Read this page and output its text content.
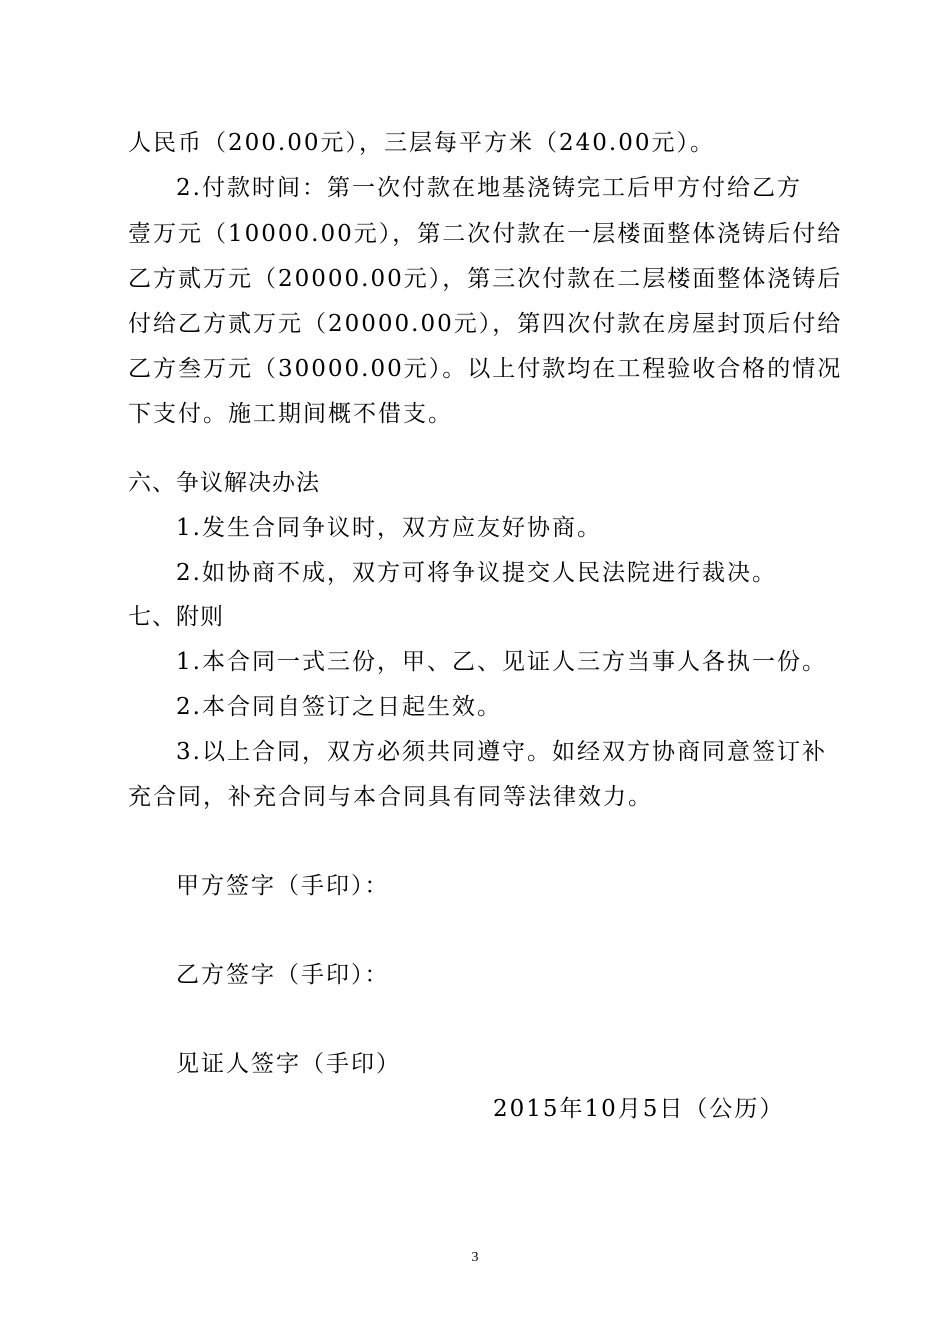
人民币（200.00元），三层每平方米（240.00元）。
2.付款时间：第一次付款在地基浇铸完工后甲方付给乙方
壹万元（10000.00元），第二次付款在一层楼面整体浇铸后付给
乙方贰万元（20000.00元），第三次付款在二层楼面整体浇铸后
付给乙方贰万元（20000.00元），第四次付款在房屋封顶后付给
乙方叁万元（30000.00元）。以上付款均在工程验收合格的情况
下支付。施工期间概不借支。
六、争议解决办法
1.发生合同争议时，双方应友好协商。
2.如协商不成，双方可将争议提交人民法院进行裁决。
七、附则
1.本合同一式三份，甲、乙、见证人三方当事人各执一份。
2.本合同自签订之日起生效。
3.以上合同，双方必须共同遵守。如经双方协商同意签订补
充合同，补充合同与本合同具有同等法律效力。
甲方签字（手印）：
乙方签字（手印）：
见证人签字（手印）
2015年10月5日（公历）
3
